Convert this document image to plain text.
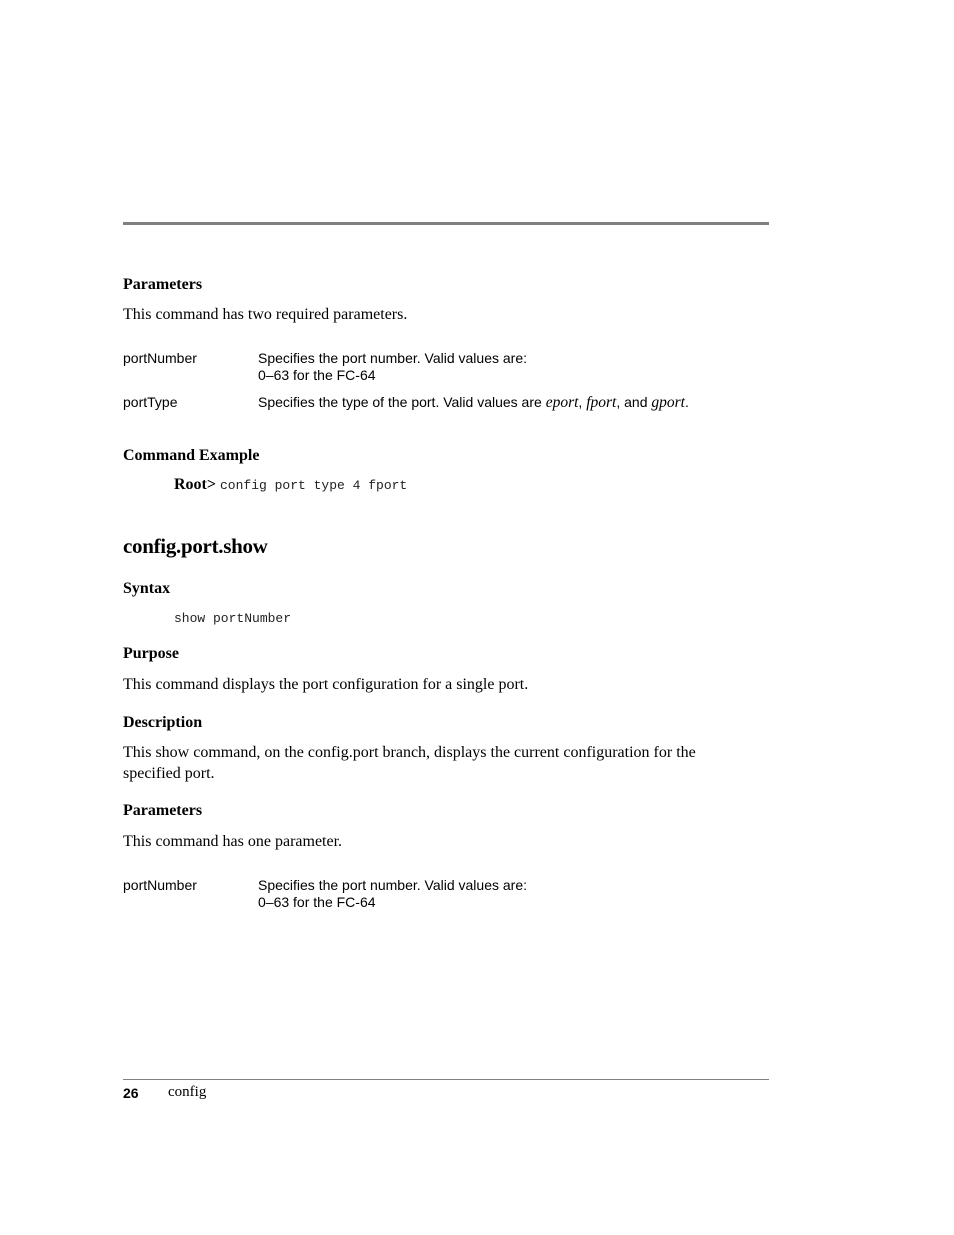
Parameters
This command has two required parameters.
portNumber	Specifies the port number. Valid values are:
0–63 for the FC-64
portType	Specifies the type of the port. Valid values are eport, fport, and gport.
Command Example
Root> config port type 4 fport
config.port.show
Syntax
show portNumber
Purpose
This command displays the port configuration for a single port.
Description
This show command, on the config.port branch, displays the current configuration for the
specified port.
Parameters
This command has one parameter.
portNumber	Specifies the port number. Valid values are:
0–63 for the FC-64
26 config
